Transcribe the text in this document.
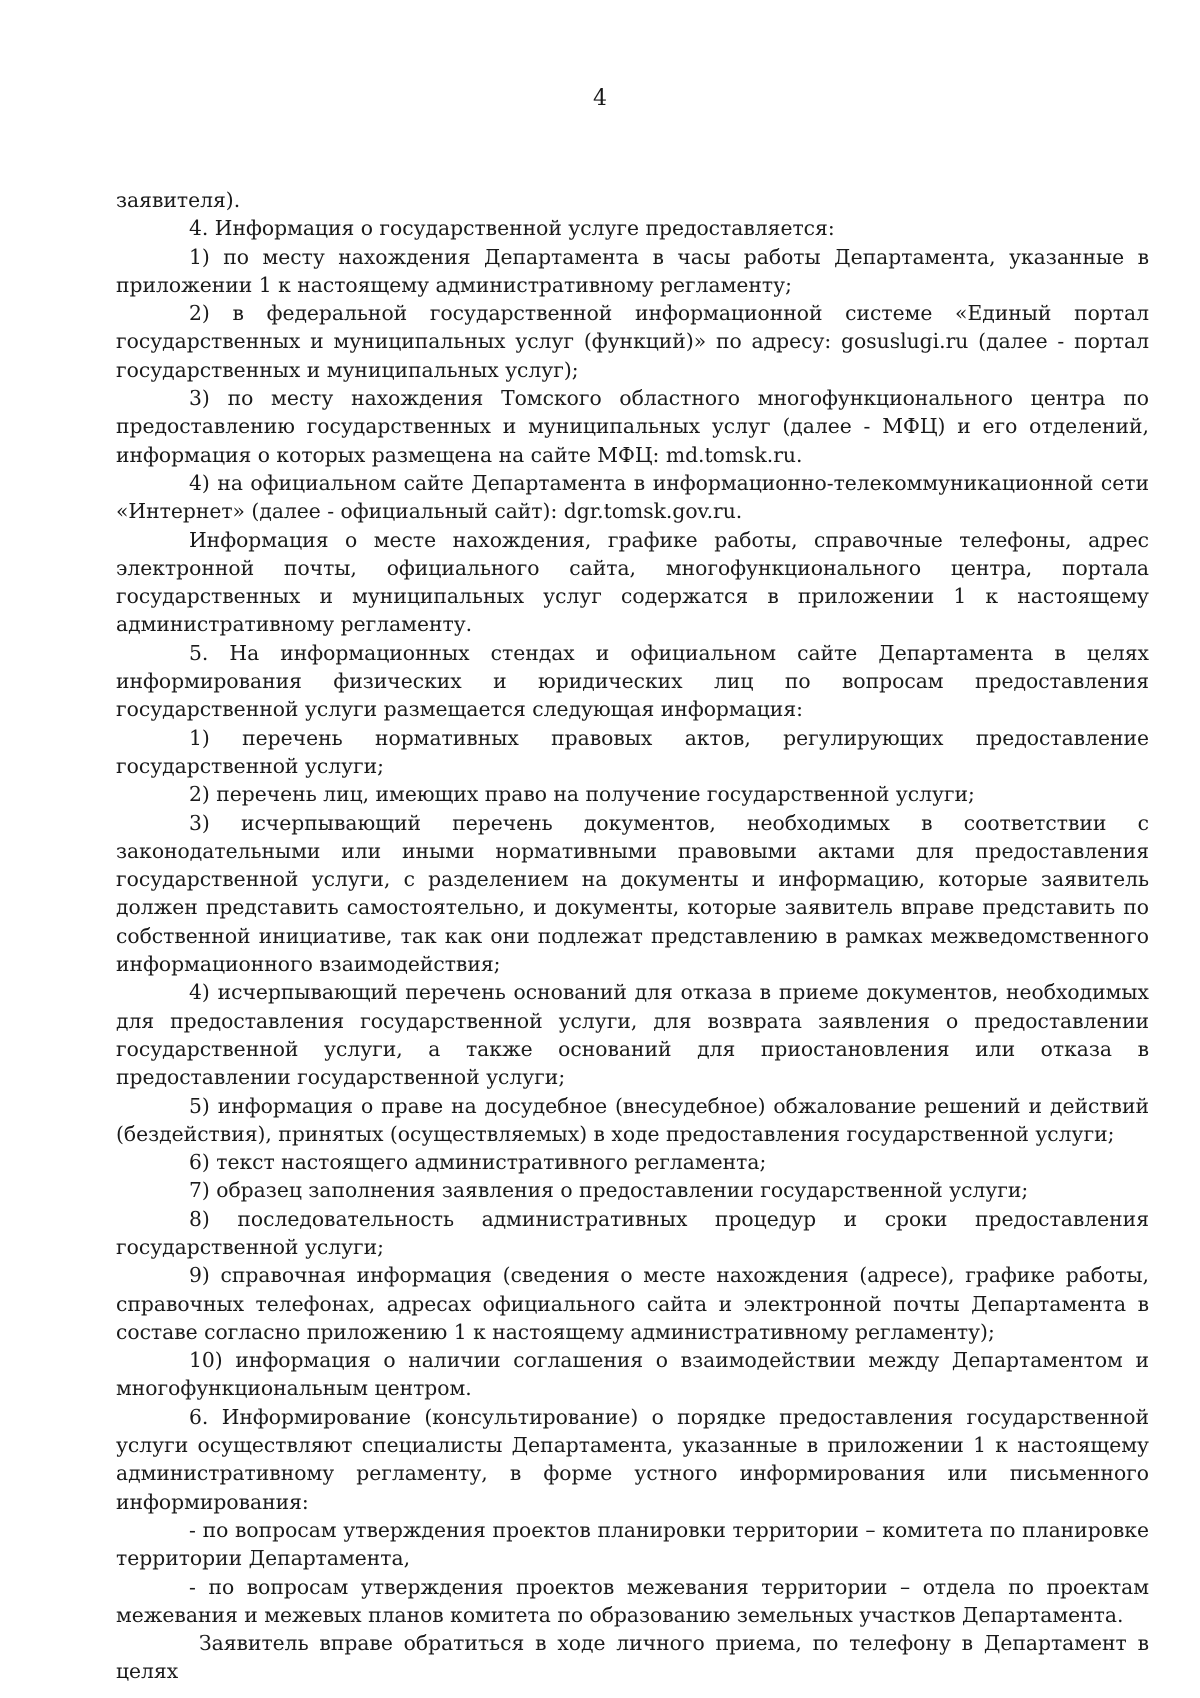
4

заявителя).

4. Информация о государственной услуге предоставляется:

1) по месту нахождения Департамента в часы работы Департамента, указанные в приложении 1 к настоящему административному регламенту;

2) в федеральной государственной информационной системе «Единый портал государственных и муниципальных услуг (функций)» по адресу: gosuslugi.ru (далее - портал государственных и муниципальных услуг);

3) по месту нахождения Томского областного многофункционального центра по предоставлению государственных и муниципальных услуг (далее - МФЦ) и его отделений, информация о которых размещена на сайте МФЦ: md.tomsk.ru.

4) на официальном сайте Департамента в информационно-телекоммуникационной сети «Интернет» (далее - официальный сайт): dgr.tomsk.gov.ru.

Информация о месте нахождения, графике работы, справочные телефоны, адрес электронной почты, официального сайта, многофункционального центра, портала государственных и муниципальных услуг содержатся в приложении 1 к настоящему административному регламенту.

5. На информационных стендах и официальном сайте Департамента в целях информирования физических и юридических лиц по вопросам предоставления государственной услуги размещается следующая информация:

1) перечень нормативных правовых актов, регулирующих предоставление государственной услуги;

2) перечень лиц, имеющих право на получение государственной услуги;

3) исчерпывающий перечень документов, необходимых в соответствии с законодательными или иными нормативными правовыми актами для предоставления государственной услуги, с разделением на документы и информацию, которые заявитель должен представить самостоятельно, и документы, которые заявитель вправе представить по собственной инициативе, так как они подлежат представлению в рамках межведомственного информационного взаимодействия;

4) исчерпывающий перечень оснований для отказа в приеме документов, необходимых для предоставления государственной услуги, для возврата заявления о предоставлении государственной услуги, а также оснований для приостановления или отказа в предоставлении государственной услуги;

5) информация о праве на досудебное (внесудебное) обжалование решений и действий (бездействия), принятых (осуществляемых) в ходе предоставления государственной услуги;

6) текст настоящего административного регламента;

7) образец заполнения заявления о предоставлении государственной услуги;

8) последовательность административных процедур и сроки предоставления государственной услуги;

9) справочная информация (сведения о месте нахождения (адресе), графике работы, справочных телефонах, адресах официального сайта и электронной почты Департамента в составе согласно приложению 1 к настоящему административному регламенту);

10) информация о наличии соглашения о взаимодействии между Департаментом и многофункциональным центром.

6. Информирование (консультирование) о порядке предоставления государственной услуги осуществляют специалисты Департамента, указанные в приложении 1 к настоящему административному регламенту, в форме устного информирования или письменного информирования:

- по вопросам утверждения проектов планировки территории – комитета по планировке территории Департамента,

- по вопросам утверждения проектов межевания территории – отдела по проектам межевания и межевых планов комитета по образованию земельных участков Департамента.

Заявитель вправе обратиться в ходе личного приема, по телефону в Департамент в целях
